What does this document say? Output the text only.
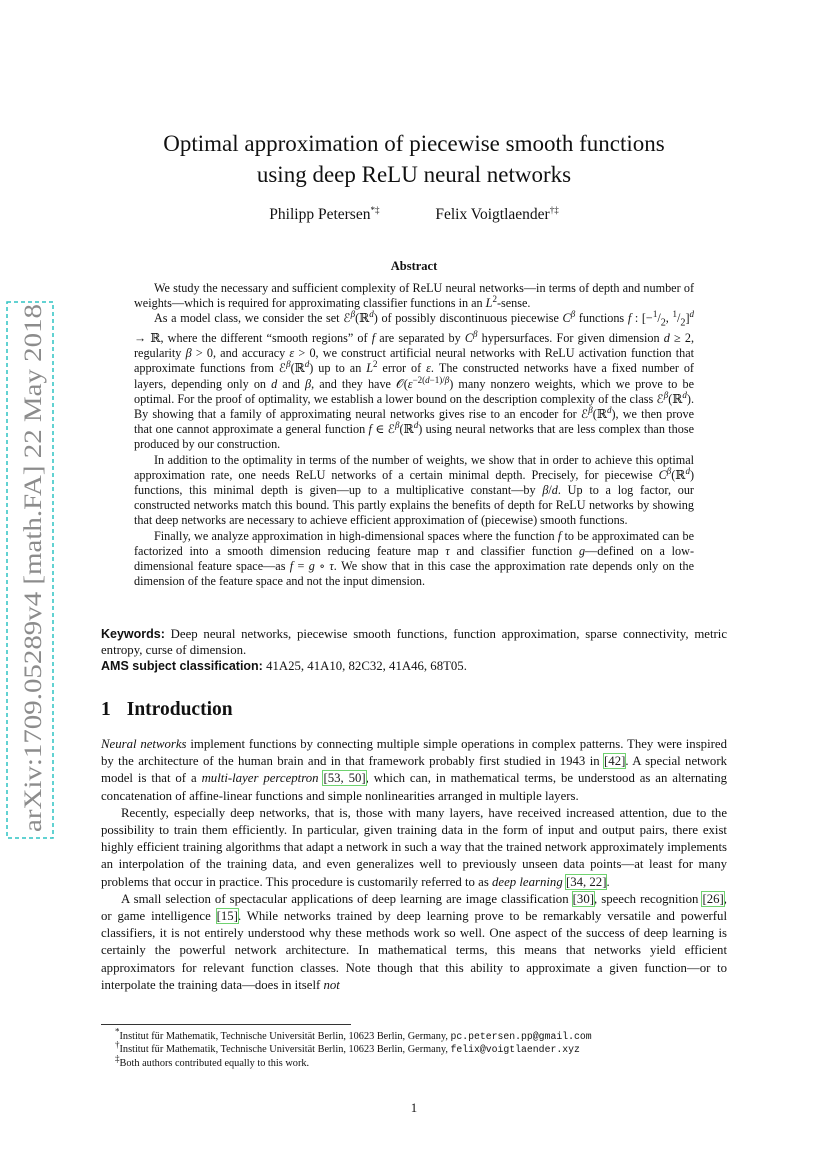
arXiv:1709.05289v4 [math.FA] 22 May 2018
Optimal approximation of piecewise smooth functions
using deep ReLU neural networks
Philipp Petersen*‡	Felix Voigtlaender†‡
Abstract

We study the necessary and sufficient complexity of ReLU neural networks—in terms of depth and number of weights—which is required for approximating classifier functions in an $L^2$-sense.

As a model class, we consider the set ℰ$^\beta$(ℝ$^d$) of possibly discontinuous piecewise $C^\beta$ functions f : [$-^1/_2$, $^1/_2]^d$ → ℝ, where the different “smooth regions” of f are separated by $C^\beta$ hypersurfaces. For given dimension d ≥ 2, regularity β > 0, and accuracy ε > 0, we construct artificial neural networks with ReLU activation function that approximate functions from ℰ$^\beta$(ℝ$^d$) up to an $L^2$ error of ε. The constructed networks have a fixed number of layers, depending only on d and β, and they have $𝒪(\varepsilon^{-2(d-1)/\beta})$ many nonzero weights, which we prove to be optimal. For the proof of optimality, we establish a lower bound on the description complexity of the class ℰ$^\beta$(ℝ$^d$). By showing that a family of approximating neural networks gives rise to an encoder for ℰ$^\beta$(ℝ$^d$), we then prove that one cannot approximate a general function f ∈ ℰ$^\beta$(ℝ$^d$) using neural networks that are less complex than those produced by our construction.

In addition to the optimality in terms of the number of weights, we show that in order to achieve this optimal approximation rate, one needs ReLU networks of a certain minimal depth. Precisely, for piecewise $C^\beta(ℝ^d)$ functions, this minimal depth is given—up to a multiplicative constant—by β/d. Up to a log factor, our constructed networks match this bound. This partly explains the benefits of depth for ReLU networks by showing that deep networks are necessary to achieve efficient approximation of (piecewise) smooth functions.

Finally, we analyze approximation in high-dimensional spaces where the function f to be approximated can be factorized into a smooth dimension reducing feature map τ and classifier function g—defined on a low-dimensional feature space—as f = g ∘ τ. We show that in this case the approximation rate depends only on the dimension of the feature space and not the input dimension.

Keywords: Deep neural networks, piecewise smooth functions, function approximation, sparse connectivity, metric entropy, curse of dimension.

AMS subject classification: 41A25, 41A10, 82C32, 41A46, 68T05.

1 Introduction

Neural networks implement functions by connecting multiple simple operations in complex patterns. They were inspired by the architecture of the human brain and in that framework probably first studied in 1943 in [42]. A special network model is that of a multi-layer perceptron [53, 50], which can, in mathematical terms, be understood as an alternating concatenation of affine-linear functions and simple nonlinearities arranged in multiple layers.

Recently, especially deep networks, that is, those with many layers, have received increased attention, due to the possibility to train them efficiently. In particular, given training data in the form of input and output pairs, there exist highly efficient training algorithms that adapt a network in such a way that the trained network approximately implements an interpolation of the training data, and even generalizes well to previously unseen data points—at least for many problems that occur in practice. This procedure is customarily referred to as deep learning [34, 22].

A small selection of spectacular applications of deep learning are image classification [30], speech recognition [26], or game intelligence [15]. While networks trained by deep learning prove to be remarkably versatile and powerful classifiers, it is not entirely understood why these methods work so well. One aspect of the success of deep learning is certainly the powerful network architecture. In mathematical terms, this means that networks yield efficient approximators for relevant function classes. Note though that this ability to approximate a given function—or to interpolate the training data—does in itself not

*Institut für Mathematik, Technische Universität Berlin, 10623 Berlin, Germany, pc.petersen.pp@gmail.com

†Institut für Mathematik, Technische Universität Berlin, 10623 Berlin, Germany, felix@voigtlaender.xyz

‡Both authors contributed equally to this work.

1
